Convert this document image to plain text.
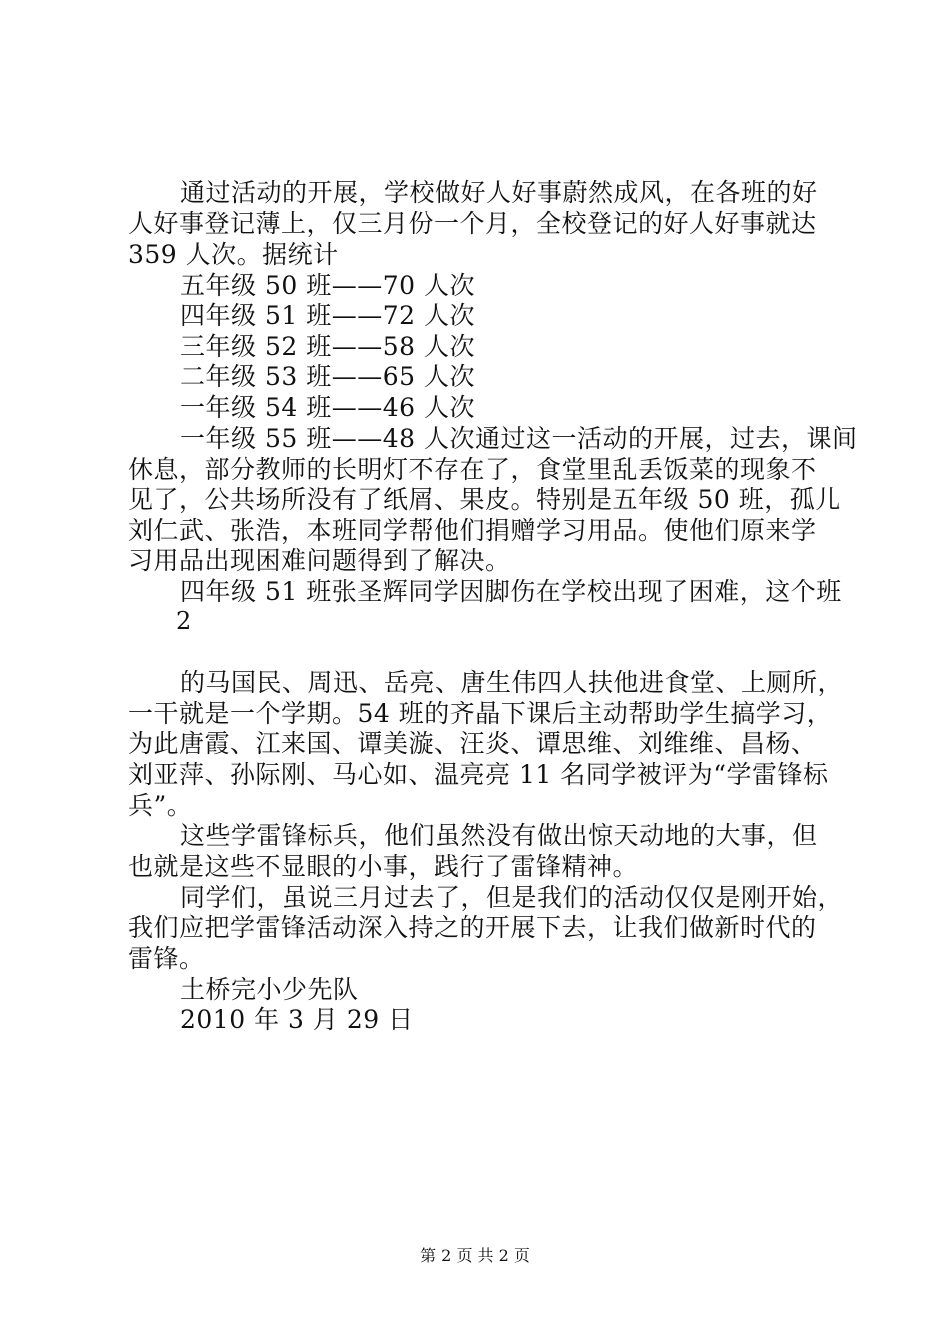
通过活动的开展，学校做好人好事蔚然成风，在各班的好
人好事登记薄上，仅三月份一个月，全校登记的好人好事就达
359 人次。据统计
五年级 50 班——70 人次
四年级 51 班——72 人次
三年级 52 班——58 人次
二年级 53 班——65 人次
一年级 54 班——46 人次
一年级 55 班——48 人次通过这一活动的开展，过去，课间
休息，部分教师的长明灯不存在了，食堂里乱丢饭菜的现象不
见了，公共场所没有了纸屑、果皮。特别是五年级 50 班，孤儿
刘仁武、张浩，本班同学帮他们捐赠学习用品。使他们原来学
习用品出现困难问题得到了解决。
四年级 51 班张圣辉同学因脚伤在学校出现了困难，这个班
2
的马国民、周迅、岳亮、唐生伟四人扶他进食堂、上厕所，
一干就是一个学期。54 班的齐晶下课后主动帮助学生搞学习，
为此唐霞、江来国、谭美漩、汪炎、谭思维、刘维维、昌杨、
刘亚萍、孙际刚、马心如、温亮亮 11 名同学被评为“学雷锋标
兵”。
这些学雷锋标兵，他们虽然没有做出惊天动地的大事，但
也就是这些不显眼的小事，践行了雷锋精神。
同学们，虽说三月过去了，但是我们的活动仅仅是刚开始，
我们应把学雷锋活动深入持之的开展下去，让我们做新时代的
雷锋。
土桥完小少先队
2010 年 3 月 29 日
第 2 页 共 2 页
